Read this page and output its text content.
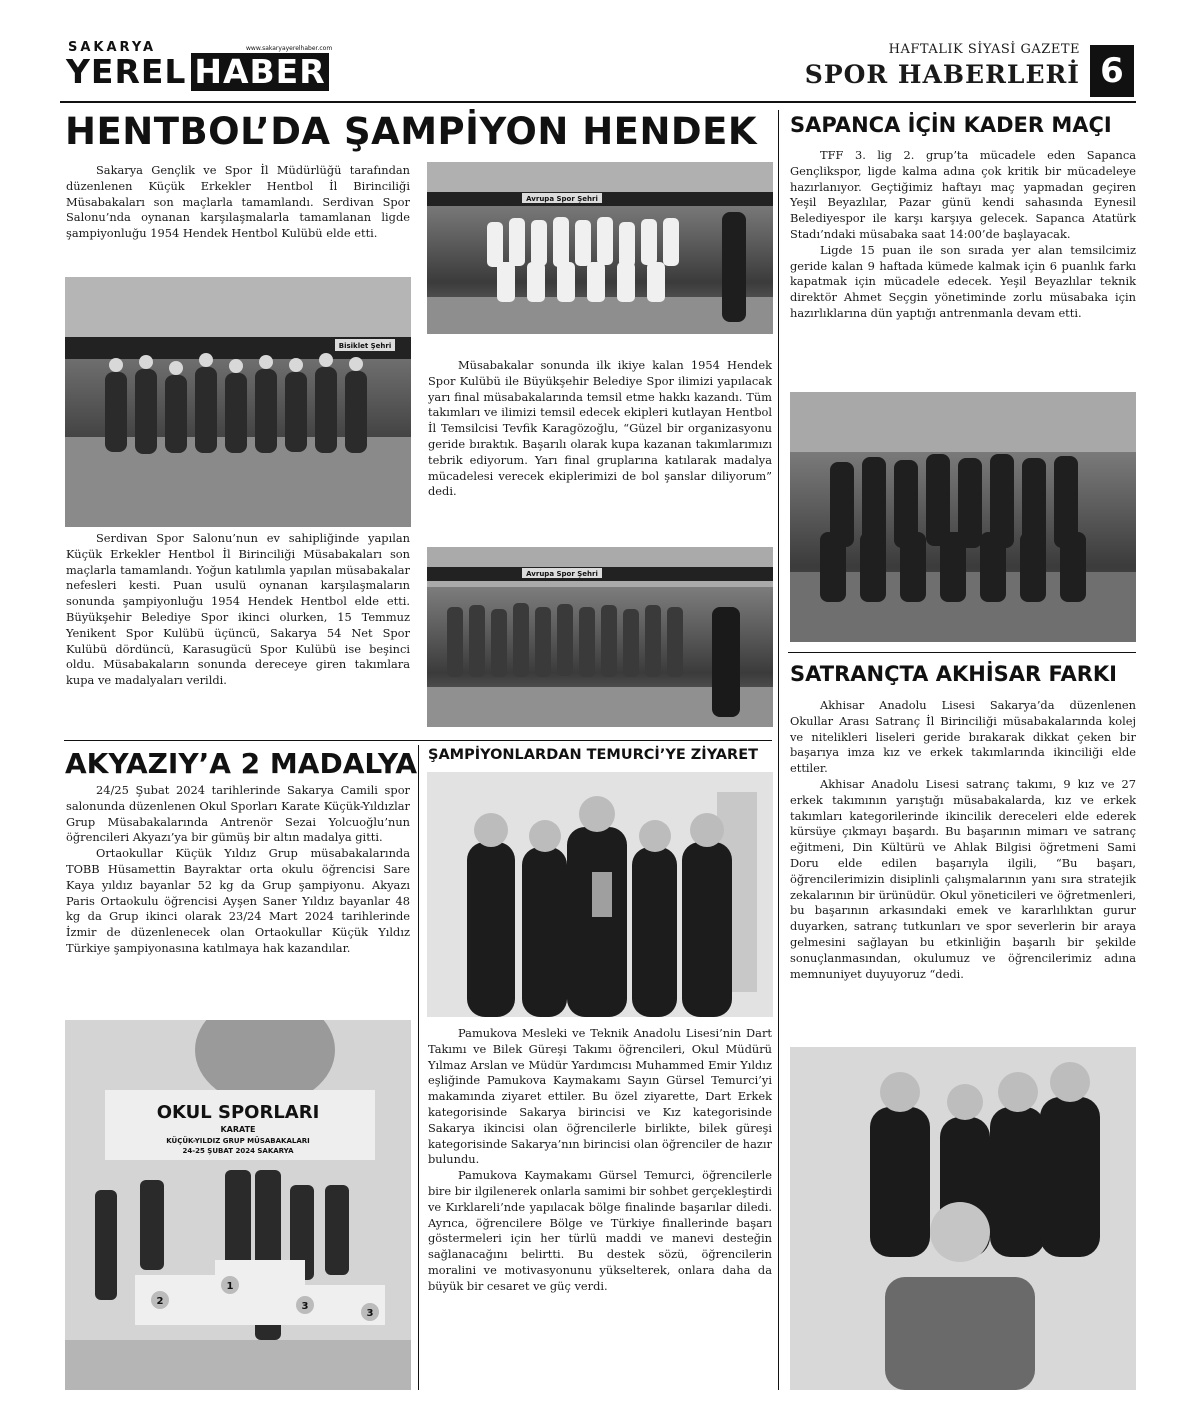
SAKARYA	www.sakaryayerelhaber.com
YEREL HABER
HAFTALIK SİYASİ GAZETE
SPOR HABERLERİ 6
HENTBOL’DA ŞAMPİYON HENDEK

Sakarya Gençlik ve Spor İl Müdürlüğü tarafından düzenlenen Küçük Erkekler Hentbol İl Birinciliği Müsabakaları son maçlarla tamamlandı. Serdivan Spor Salonu’nda oynanan karşılaşmalarla tamamlanan ligde şampiyonluğu 1954 Hendek Hentbol Kulübü elde etti.

Bisiklet Şehri

Serdivan Spor Salonu’nun ev sahipliğinde yapılan Küçük Erkekler Hentbol İl Birinciliği Müsabakaları son maçlarla tamamlandı. Yoğun katılımla yapılan müsabakalar nefesleri kesti. Puan usulü oynanan karşılaşmaların sonunda şampiyonluğu 1954 Hendek Hentbol elde etti. Büyükşehir Belediye Spor ikinci olurken, 15 Temmuz Yenikent Spor Kulübü üçüncü, Sakarya 54 Net Spor Kulübü dördüncü, Karasugücü Spor Kulübü ise beşinci oldu. Müsabakaların sonunda dereceye giren takımlara kupa ve madalyaları verildi.

Avrupa Spor Şehri

Müsabakalar sonunda ilk ikiye kalan 1954 Hendek Spor Kulübü ile Büyükşehir Belediye Spor ilimizi yapılacak yarı final müsabakalarında temsil etme hakkı kazandı. Tüm takımları ve ilimizi temsil edecek ekipleri kutlayan Hentbol İl Temsilcisi Tevfik Karagözoğlu, “Güzel bir organizasyonu geride bıraktık. Başarılı olarak kupa kazanan takımlarımızı tebrik ediyorum. Yarı final gruplarına katılarak madalya mücadelesi verecek ekiplerimizi de bol şanslar diliyorum” dedi.

Avrupa Spor Şehri
SAPANCA İÇİN KADER MAÇI

TFF 3. lig 2. grup’ta mücadele eden Sapanca Gençlikspor, ligde kalma adına çok kritik bir mücadeleye hazırlanıyor. Geçtiğimiz haftayı maç yapmadan geçiren Yeşil Beyazlılar, Pazar günü kendi sahasında Eynesil Belediyespor ile karşı karşıya gelecek. Sapanca Atatürk Stadı’ndaki müsabaka saat 14:00’de başlayacak.

Ligde 15 puan ile son sırada yer alan temsilcimiz geride kalan 9 haftada kümede kalmak için 6 puanlık farkı kapatmak için mücadele edecek. Yeşil Beyazlılar teknik direktör Ahmet Seçgin yönetiminde zorlu müsabaka için hazırlıklarına dün yaptığı antrenmanla devam etti.

SATRANÇTA AKHİSAR FARKI

Akhisar Anadolu Lisesi Sakarya’da düzenlenen Okullar Arası Satranç İl Birinciliği müsabakalarında kolej ve nitelikleri liseleri geride bırakarak dikkat çeken bir başarıya imza kız ve erkek takımlarında ikinciliği elde ettiler.

Akhisar Anadolu Lisesi satranç takımı, 9 kız ve 27 erkek takımının yarıştığı müsabakalarda, kız ve erkek takımları kategorilerinde ikincilik dereceleri elde ederek kürsüye çıkmayı başardı. Bu başarının mimarı ve satranç eğitmeni, Din Kültürü ve Ahlak Bilgisi öğretmeni Sami Doru elde edilen başarıyla ilgili, “Bu başarı, öğrencilerimizin disiplinli çalışmalarının yanı sıra stratejik zekalarının bir ürünüdür. Okul yöneticileri ve öğretmenleri, bu başarının arkasındaki emek ve kararlılıktan gurur duyarken, satranç tutkunları ve spor severlerin bir araya gelmesini sağlayan bu etkinliğin başarılı bir şekilde sonuçlanmasından, okulumuz ve öğrencilerimiz adına memnuniyet duyuyoruz “dedi.

AKYAZIY’A 2 MADALYA

24/25 Şubat 2024 tarihlerinde Sakarya Camili spor salonunda düzenlenen Okul Sporları Karate Küçük-Yıldızlar Grup Müsabakalarında Antrenör Sezai Yolcuoğlu’nun öğrencileri Akyazı’ya bir gümüş bir altın madalya gitti.

Ortaokullar Küçük Yıldız Grup müsabakalarında TOBB Hüsamettin Bayraktar orta okulu öğrencisi Sare Kaya yıldız bayanlar 52 kg da Grup şampiyonu. Akyazı Paris Ortaokulu öğrencisi Ayşen Saner Yıldız bayanlar 48 kg da Grup ikinci olarak 23/24 Mart 2024 tarihlerinde İzmir de düzenlenecek olan Ortaokullar Küçük Yıldız Türkiye şampiyonasına katılmaya hak kazandılar.

OKUL SPORLARI
KARATE
KÜÇÜK-YILDIZ GRUP MÜSABAKALARI
24-25 ŞUBAT 2024 SAKARYA
2
1
3
3
ŞAMPİYONLARDAN TEMURCİ’YE ZİYARET

Pamukova Mesleki ve Teknik Anadolu Lisesi’nin Dart Takımı ve Bilek Güreşi Takımı öğrencileri, Okul Müdürü Yılmaz Arslan ve Müdür Yardımcısı Muhammed Emir Yıldız eşliğinde Pamukova Kaymakamı Sayın Gürsel Temurci’yi makamında ziyaret ettiler. Bu özel ziyarette, Dart Erkek kategorisinde Sakarya birincisi ve Kız kategorisinde Sakarya ikincisi olan öğrencilerle birlikte, bilek güreşi kategorisinde Sakarya’nın birincisi olan öğrenciler de hazır bulundu.

Pamukova Kaymakamı Gürsel Temurci, öğrencilerle bire bir ilgilenerek onlarla samimi bir sohbet gerçekleştirdi ve Kırklareli’nde yapılacak bölge finalinde başarılar diledi. Ayrıca, öğrencilere Bölge ve Türkiye finallerinde başarı göstermeleri için her türlü maddi ve manevi desteğin sağlanacağını belirtti. Bu destek sözü, öğrencilerin moralini ve motivasyonunu yükselterek, onlara daha da büyük bir cesaret ve güç verdi.
